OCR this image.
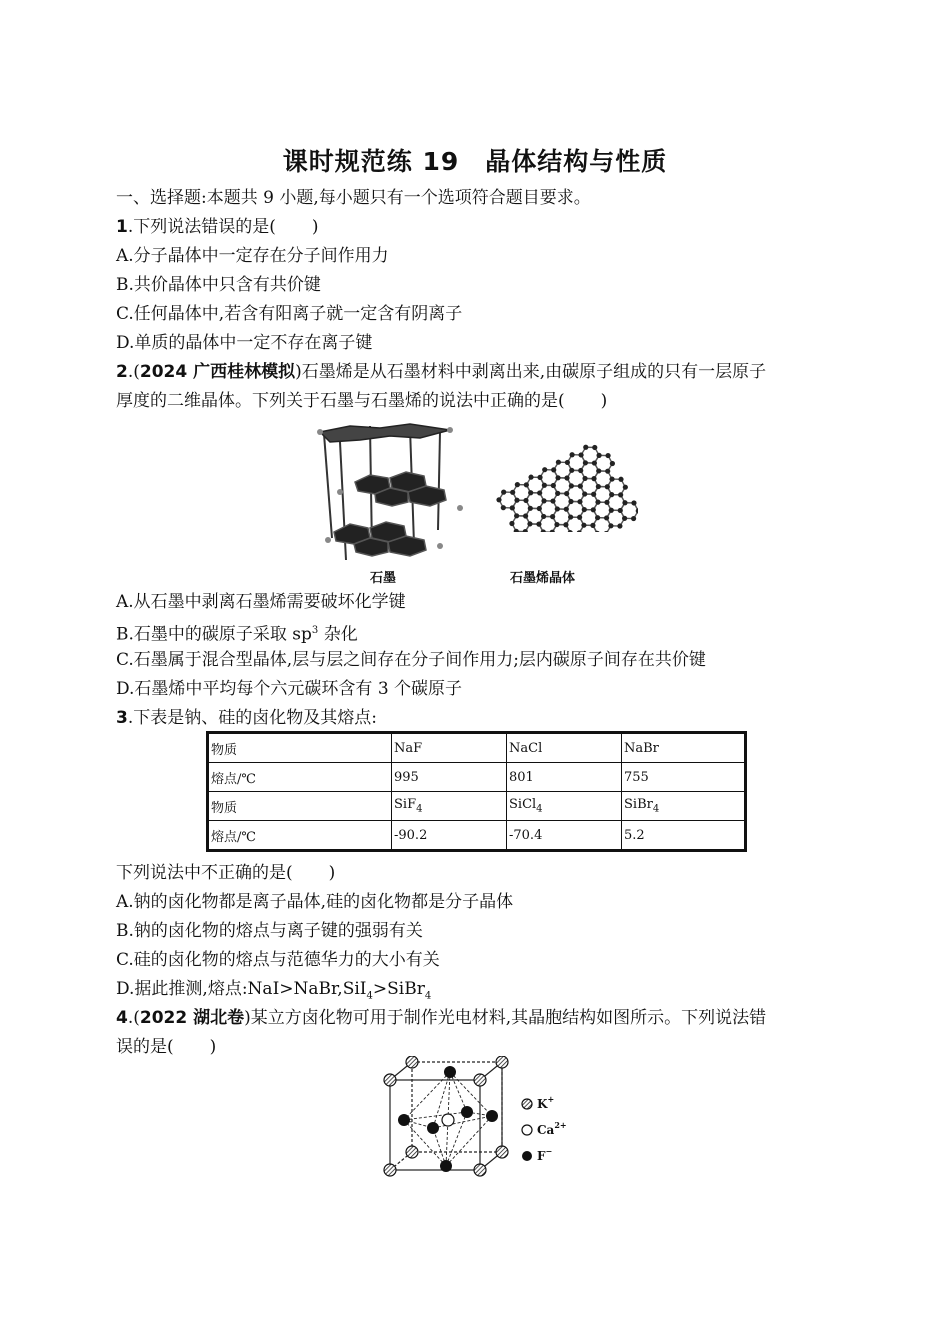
课时规范练 19　晶体结构与性质
一、选择题:本题共 9 小题,每小题只有一个选项符合题目要求。
1.下列说法错误的是( )
A.分子晶体中一定存在分子间作用力
B.共价晶体中只含有共价键
C.任何晶体中,若含有阳离子就一定含有阴离子
D.单质的晶体中一定不存在离子键
2.(2024 广西桂林模拟)石墨烯是从石墨材料中剥离出来,由碳原子组成的只有一层原子
厚度的二维晶体。下列关于石墨与石墨烯的说法中正确的是( )
石墨	石墨烯晶体
A.从石墨中剥离石墨烯需要破坏化学键
B.石墨中的碳原子采取 $sp^3$ 杂化
C.石墨属于混合型晶体,层与层之间存在分子间作用力;层内碳原子间存在共价键
D.石墨烯中平均每个六元碳环含有 3 个碳原子
3.下表是钠、硅的卤化物及其熔点:
物质	NaF	NaCl	NaBr
熔点/℃	995	801	755
物质	SiF$_4$	SiCl$_4$	SiBr$_4$
熔点/℃	-90.2	-70.4	5.2
下列说法中不正确的是( )
A.钠的卤化物都是离子晶体,硅的卤化物都是分子晶体
B.钠的卤化物的熔点与离子键的强弱有关
C.硅的卤化物的熔点与范德华力的大小有关
D.据此推测,熔点:NaI>NaBr,SiI$_4$>SiBr$_4$
4.(2022 湖北卷)某立方卤化物可用于制作光电材料,其晶胞结构如图所示。下列说法错
误的是( )
K+
$Ca^{2+}$
F−
